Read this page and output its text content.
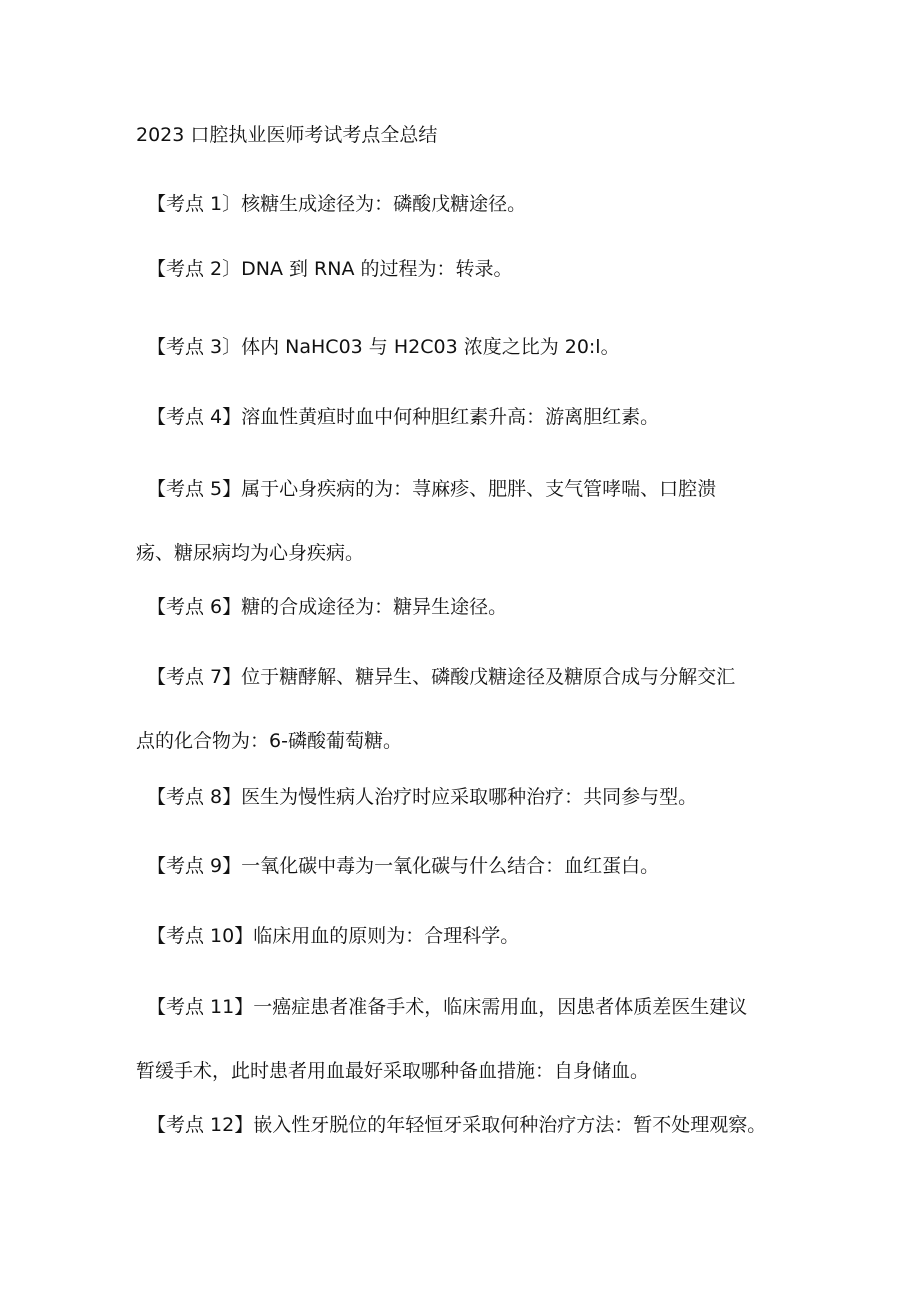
2023 口腔执业医师考试考点全总结
【考点 1〕核糖生成途径为：磷酸戊糖途径。
【考点 2〕DNA 到 RNA 的过程为：转录。
【考点 3〕体内 NaHC03 与 H2C03 浓度之比为 20:l。
【考点 4】溶血性黄疸时血中何种胆红素升高：游离胆红素。
【考点 5】属于心身疾病的为：荨麻疹、肥胖、支气管哮喘、口腔溃
疡、糖尿病均为心身疾病。
【考点 6】糖的合成途径为：糖异生途径。
【考点 7】位于糖酵解、糖异生、磷酸戊糖途径及糖原合成与分解交汇
点的化合物为：6-磷酸葡萄糖。
【考点 8】医生为慢性病人治疗时应采取哪种治疗：共同参与型。
【考点 9】一氧化碳中毒为一氧化碳与什么结合：血红蛋白。
【考点 10】临床用血的原则为：合理科学。
【考点 11】一癌症患者准备手术，临床需用血，因患者体质差医生建议
暂缓手术，此时患者用血最好采取哪种备血措施：自身储血。
【考点 12】嵌入性牙脱位的年轻恒牙采取何种治疗方法：暂不处理观察。
